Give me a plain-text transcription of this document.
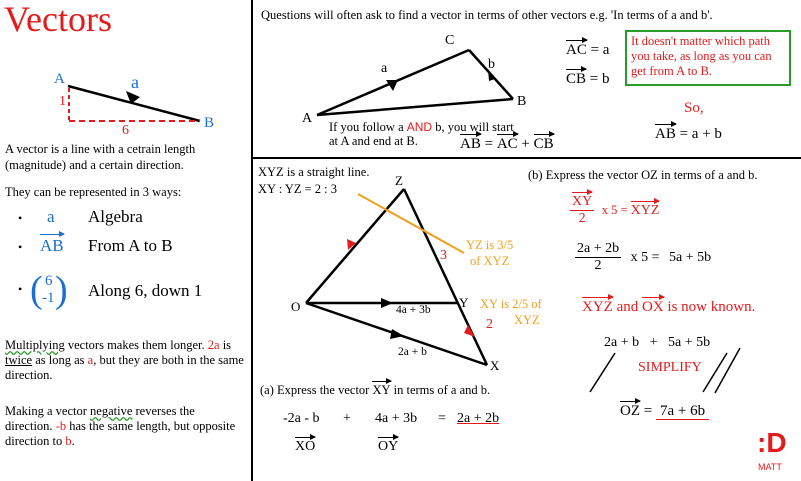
Vectors
A
B
a
1
6
A vector is a line with a cetrain length (magnitude) and a certain direction.
They can be represented in 3 ways:
• a Algebra
• AB From A to B
• ( 6
-1 ) Along 6, down 1
Multiplying vectors makes them longer. 2a is twice as long as a, but they are both in the same direction.
Making a vector negative reverses the direction. -b has the same length, but opposite direction to b.
Questions will often ask to find a vector in terms of other vectors e.g. 'In terms of a and b'.
A
B
C
a	b
If you follow a AND b, you will start
at A and end at B.
AC = a
CB = b
AB = AC + CB
It doesn't matter which path you take, as long as you can get from A to B.
So,
AB = a + b
XYZ is a straight line.
XY : YZ = 2 : 3
Z
O	Y
X
4a + 3b
2a + b
3
2
YZ is 3/5
of XYZ
XY is 2/5 of
XYZ
(a) Express the vector XY in terms of a and b.
-2a - b + 4a + 3b = 2a + 2b
XO	OY
(b) Express the vector OZ in terms of a and b.
$\frac{XY}{2}$ x 5 = XYZ
$\frac{2a + 2b}{2}$ x 5 = 5a + 5b
XYZ and OX is now known.
2a + b   +   5a + 5b
SIMPLIFY
OZ = 7a + 6b
:D
MATT
